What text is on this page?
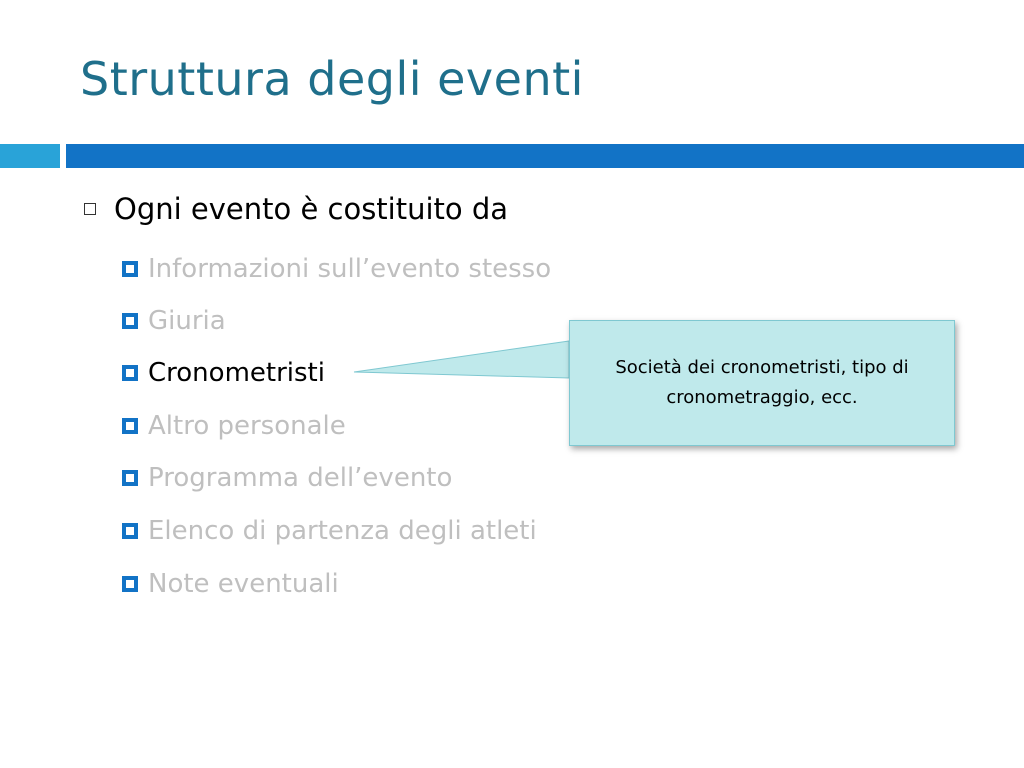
Struttura degli eventi
Ogni evento è costituito da
Informazioni sull’evento stesso
Giuria
Cronometristi
Altro personale
Programma dell’evento
Elenco di partenza degli atleti
Note eventuali
Società dei cronometristi, tipo di cronometraggio, ecc.
